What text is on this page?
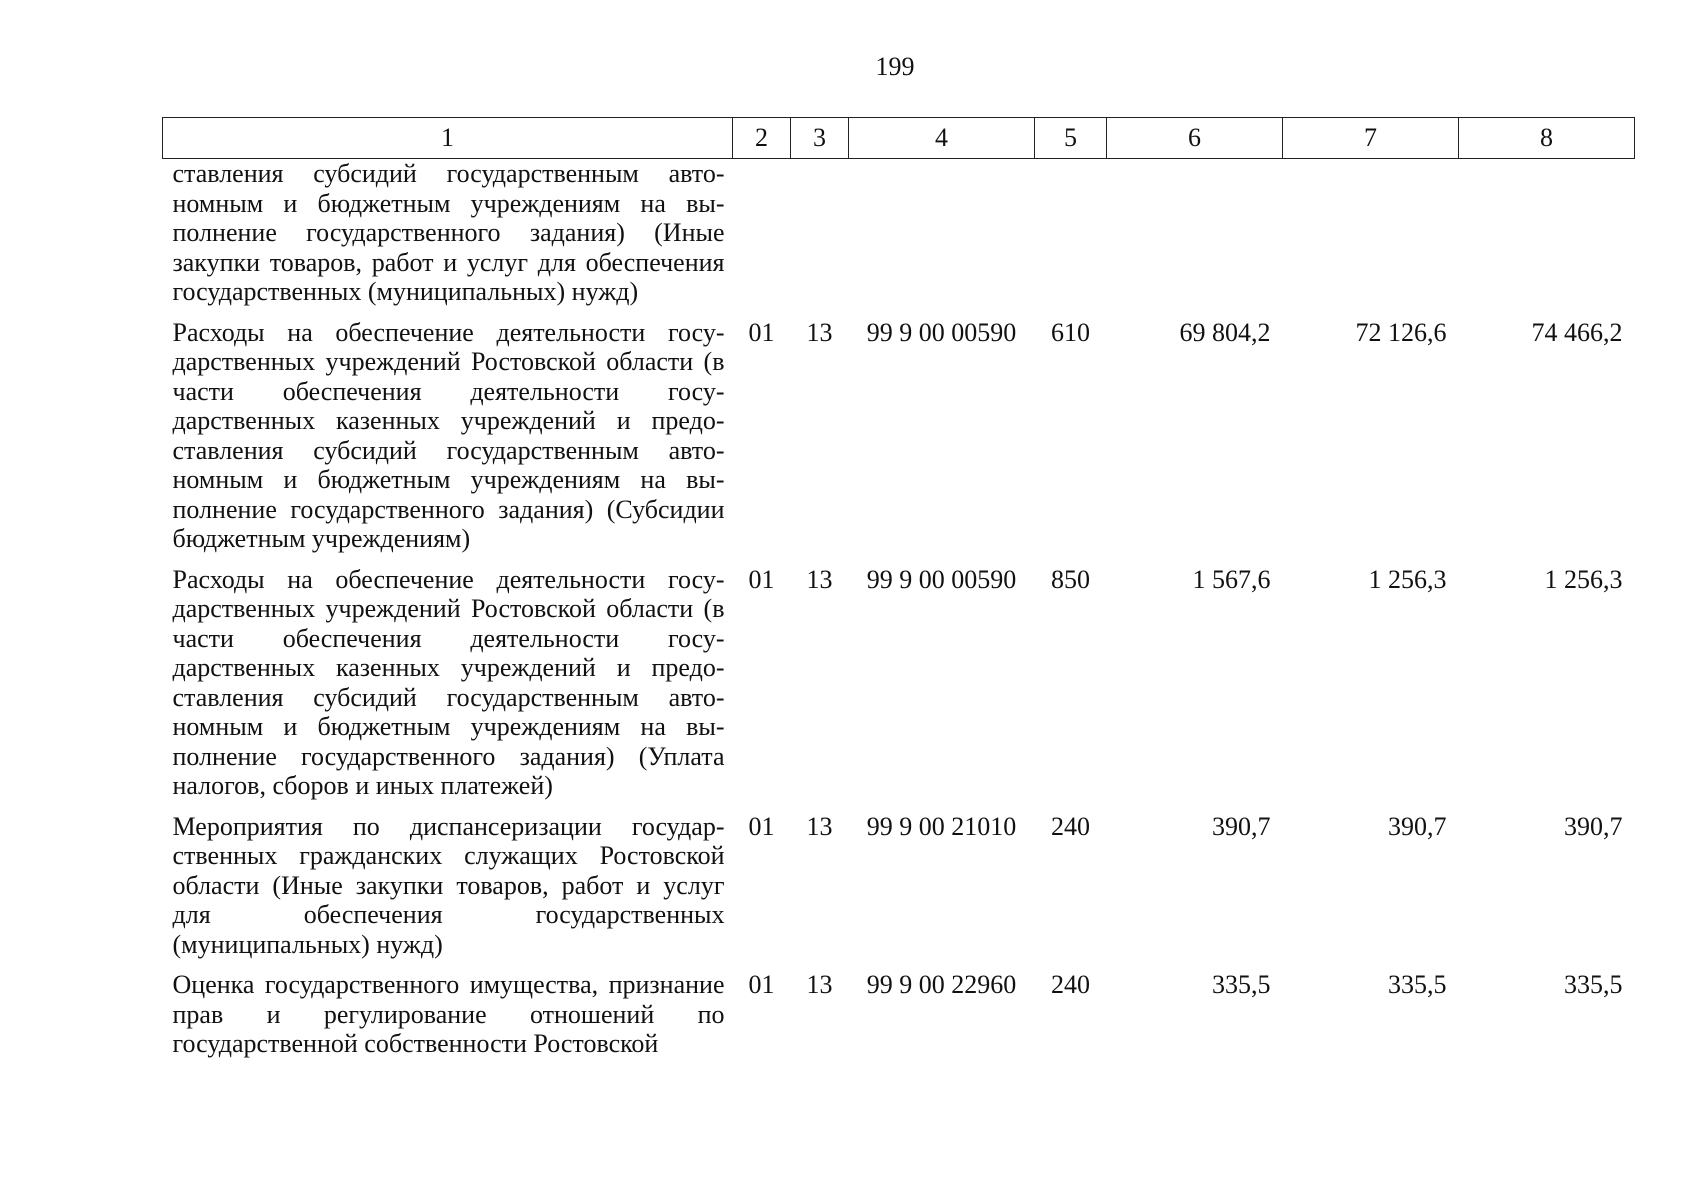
199
1	2	3	4	5	6	7	8
ставления субсидий государственным автономным и бюджетным учреждениям на выполнение государственного задания) (Иные закупки товаров, работ и услуг для обеспечения государственных (муниципальных) нужд)							
Расходы на обеспечение деятельности государственных учреждений Ростовской области (в части обеспечения деятельности государственных казенных учреждений и предоставления субсидий государственным автономным и бюджетным учреждениям на выполнение государственного задания) (Субсидии бюджетным учреждениям)	01	13	99 9 00 00590	610	69 804,2	72 126,6	74 466,2
Расходы на обеспечение деятельности государственных учреждений Ростовской области (в части обеспечения деятельности государственных казенных учреждений и предоставления субсидий государственным автономным и бюджетным учреждениям на выполнение государственного задания) (Уплата налогов, сборов и иных платежей)	01	13	99 9 00 00590	850	1 567,6	1 256,3	1 256,3
Мероприятия по диспансеризации государственных гражданских служащих Ростовской области (Иные закупки товаров, работ и услуг для обеспечения государственных (муниципальных) нужд)	01	13	99 9 00 21010	240	390,7	390,7	390,7
Оценка государственного имущества, признание прав и регулирование отношений по государственной собственности Ростовской	01	13	99 9 00 22960	240	335,5	335,5	335,5
